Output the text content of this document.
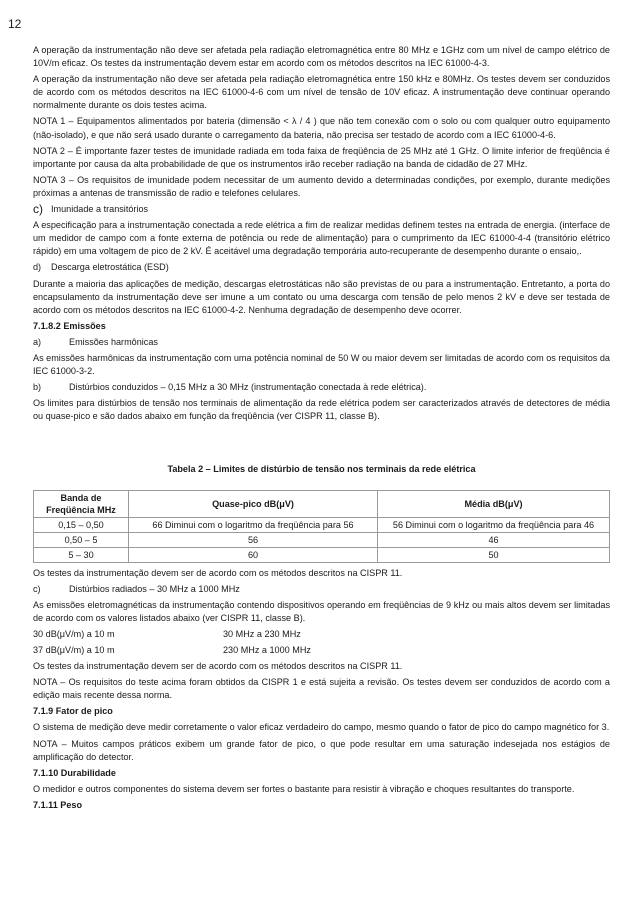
12

A operação da instrumentação não deve ser afetada pela radiação eletromagnética entre 80 MHz e 1GHz com um nível de campo elétrico de 10V/m eficaz. Os testes da instrumentação devem estar em acordo com os métodos descritos na IEC 61000-4-3.

A operação da instrumentação não deve ser afetada pela radiação eletromagnética entre 150 kHz e 80MHz. Os testes devem ser conduzidos de acordo com os métodos descritos na IEC 61000-4-6 com um nível de tensão de 10V eficaz. A instrumentação deve continuar operando normalmente durante os dois testes acima.

NOTA 1 – Equipamentos alimentados por bateria (dimensão < λ / 4 ) que não tem conexão com o solo ou com qualquer outro equipamento (não-isolado), e que não será usado durante o carregamento da bateria, não precisa ser testado de acordo com a IEC 61000-4-6.

NOTA 2 – É importante fazer testes de imunidade radiada em toda faixa de freqüência de 25 MHz até 1 GHz. O limite inferior de freqüência é importante por causa da alta probabilidade de que os instrumentos irão receber radiação na banda de cidadão de 27 MHz.

NOTA 3 – Os requisitos de imunidade podem necessitar de um aumento devido a determinadas condições, por exemplo, durante medições próximas a antenas de transmissão de radio e telefones celulares.

c) Imunidade a transitórios

A especificação para a instrumentação conectada a rede elétrica a fim de realizar medidas definem testes na entrada de energia. (interface de um medidor de campo com a fonte externa de potência ou rede de alimentação) para o cumprimento da IEC 61000-4-4 (transitório elétrico rápido) em uma voltagem de pico de 2 kV. É aceitável uma degradação temporária auto-recuperante de desempenho durante o ensaio,.

d)	Descarga eletrostática (ESD)

Durante a maioria das aplicações de medição, descargas eletrostáticas não são previstas de ou para a instrumentação. Entretanto, a porta do encapsulamento da instrumentação deve ser imune a um contato ou uma descarga com tensão de pelo menos 2 kV e deve ser testada de acordo com os métodos descritos na IEC 61000-4-2. Nenhuma degradação de desempenho deve ocorrer.

7.1.8.2 Emissões
a)	Emissões harmônicas

As emissões harmônicas da instrumentação com uma potência nominal de 50 W ou maior devem ser limitadas de acordo com os requisitos da IEC 61000-3-2.

b)	Distúrbios conduzidos – 0,15 MHz a 30 MHz (instrumentação conectada à rede elétrica).

Os limites para distúrbios de tensão nos terminais de alimentação da rede elétrica podem ser caracterizados através de detectores de média ou quase-pico e são dados abaixo em função da freqüência (ver CISPR 11, classe B).

Tabela 2 – Limites de distúrbio de tensão nos terminais da rede elétrica
Banda de Freqüência MHz	Quase-pico dB(μV)	Média dB(μV)
0,15 – 0,50	66 Diminui com o logaritmo da freqüência para 56	56 Diminui com o logaritmo da freqüência para 46
0,50 – 5	56	46
5 – 30	60	50

Os testes da instrumentação devem ser de acordo com os métodos descritos na CISPR 11.

c)	Distúrbios radiados – 30 MHz a 1000 MHz

As emissões eletromagnéticas da instrumentação contendo dispositivos operando em freqüências de 9 kHz ou mais altos devem ser limitadas de acordo com os valores listados abaixo (ver CISPR 11, classe B).

30 dB(μV/m) a 10 m	30 MHz a 230 MHz
37 dB(μV/m) a 10 m	230 MHz a 1000 MHz

Os testes da instrumentação devem ser de acordo com os métodos descritos na CISPR 11.

NOTA – Os requisitos do teste acima foram obtidos da CISPR 1 e está sujeita a revisão. Os testes devem ser conduzidos de acordo com a edição mais recente dessa norma.

7.1.9 Fator de pico

O sistema de medição deve medir corretamente o valor eficaz verdadeiro do campo, mesmo quando o fator de pico do campo magnético for 3.

NOTA – Muitos campos práticos exibem um grande fator de pico, o que pode resultar em uma saturação indesejada nos estágios de amplificação do detector.

7.1.10 Durabilidade

O medidor e outros componentes do sistema devem ser fortes o bastante para resistir à vibração e choques resultantes do transporte.

7.1.11 Peso
